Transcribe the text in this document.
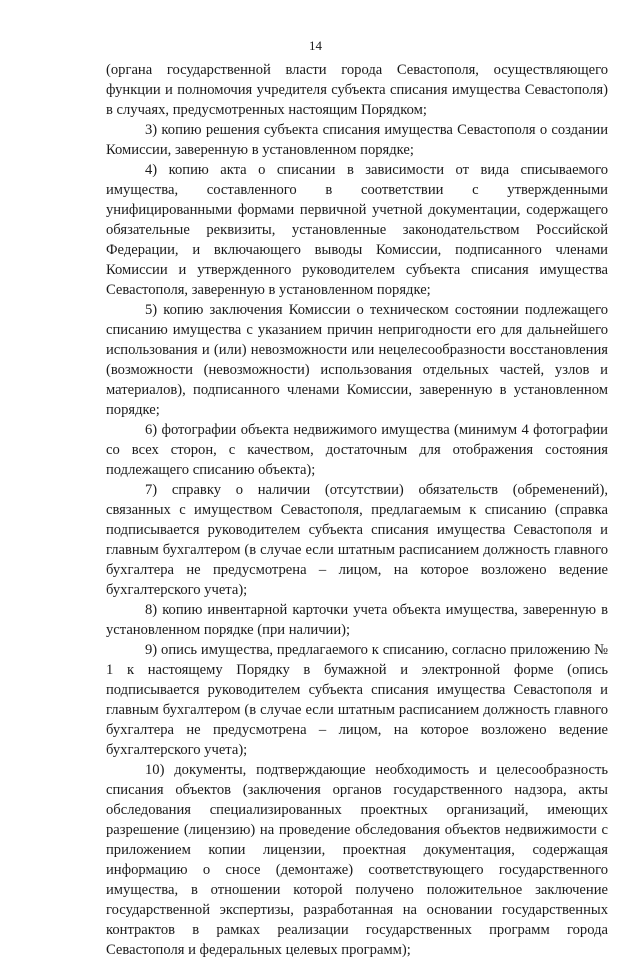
14

(органа государственной власти города Севастополя, осуществляющего функции и полномочия учредителя субъекта списания имущества Севастополя) в случаях, предусмотренных настоящим Порядком;

3) копию решения субъекта списания имущества Севастополя о создании Комиссии, заверенную в установленном порядке;

4) копию акта о списании в зависимости от вида списываемого имущества, составленного в соответствии с утвержденными унифицированными формами первичной учетной документации, содержащего обязательные реквизиты, установленные законодательством Российской Федерации, и включающего выводы Комиссии, подписанного членами Комиссии и утвержденного руководителем субъекта списания имущества Севастополя, заверенную в установленном порядке;

5) копию заключения Комиссии о техническом состоянии подлежащего списанию имущества с указанием причин непригодности его для дальнейшего использования и (или) невозможности или нецелесообразности восстановления (возможности (невозможности) использования отдельных частей, узлов и материалов), подписанного членами Комиссии, заверенную в установленном порядке;

6) фотографии объекта недвижимого имущества (минимум 4 фотографии со всех сторон, с качеством, достаточным для отображения состояния подлежащего списанию объекта);

7) справку о наличии (отсутствии) обязательств (обременений), связанных с имуществом Севастополя, предлагаемым к списанию (справка подписывается руководителем субъекта списания имущества Севастополя и главным бухгалтером (в случае если штатным расписанием должность главного бухгалтера не предусмотрена – лицом, на которое возложено ведение бухгалтерского учета);

8) копию инвентарной карточки учета объекта имущества, заверенную в установленном порядке (при наличии);

9) опись имущества, предлагаемого к списанию, согласно приложению № 1 к настоящему Порядку в бумажной и электронной форме (опись подписывается руководителем субъекта списания имущества Севастополя и главным бухгалтером (в случае если штатным расписанием должность главного бухгалтера не предусмотрена – лицом, на которое возложено ведение бухгалтерского учета);

10) документы, подтверждающие необходимость и целесообразность списания объектов (заключения органов государственного надзора, акты обследования специализированных проектных организаций, имеющих разрешение (лицензию) на проведение обследования объектов недвижимости с приложением копии лицензии, проектная документация, содержащая информацию о сносе (демонтаже) соответствующего государственного имущества, в отношении которой получено положительное заключение государственной экспертизы, разработанная на основании государственных контрактов в рамках реализации государственных программ города Севастополя и федеральных целевых программ);
